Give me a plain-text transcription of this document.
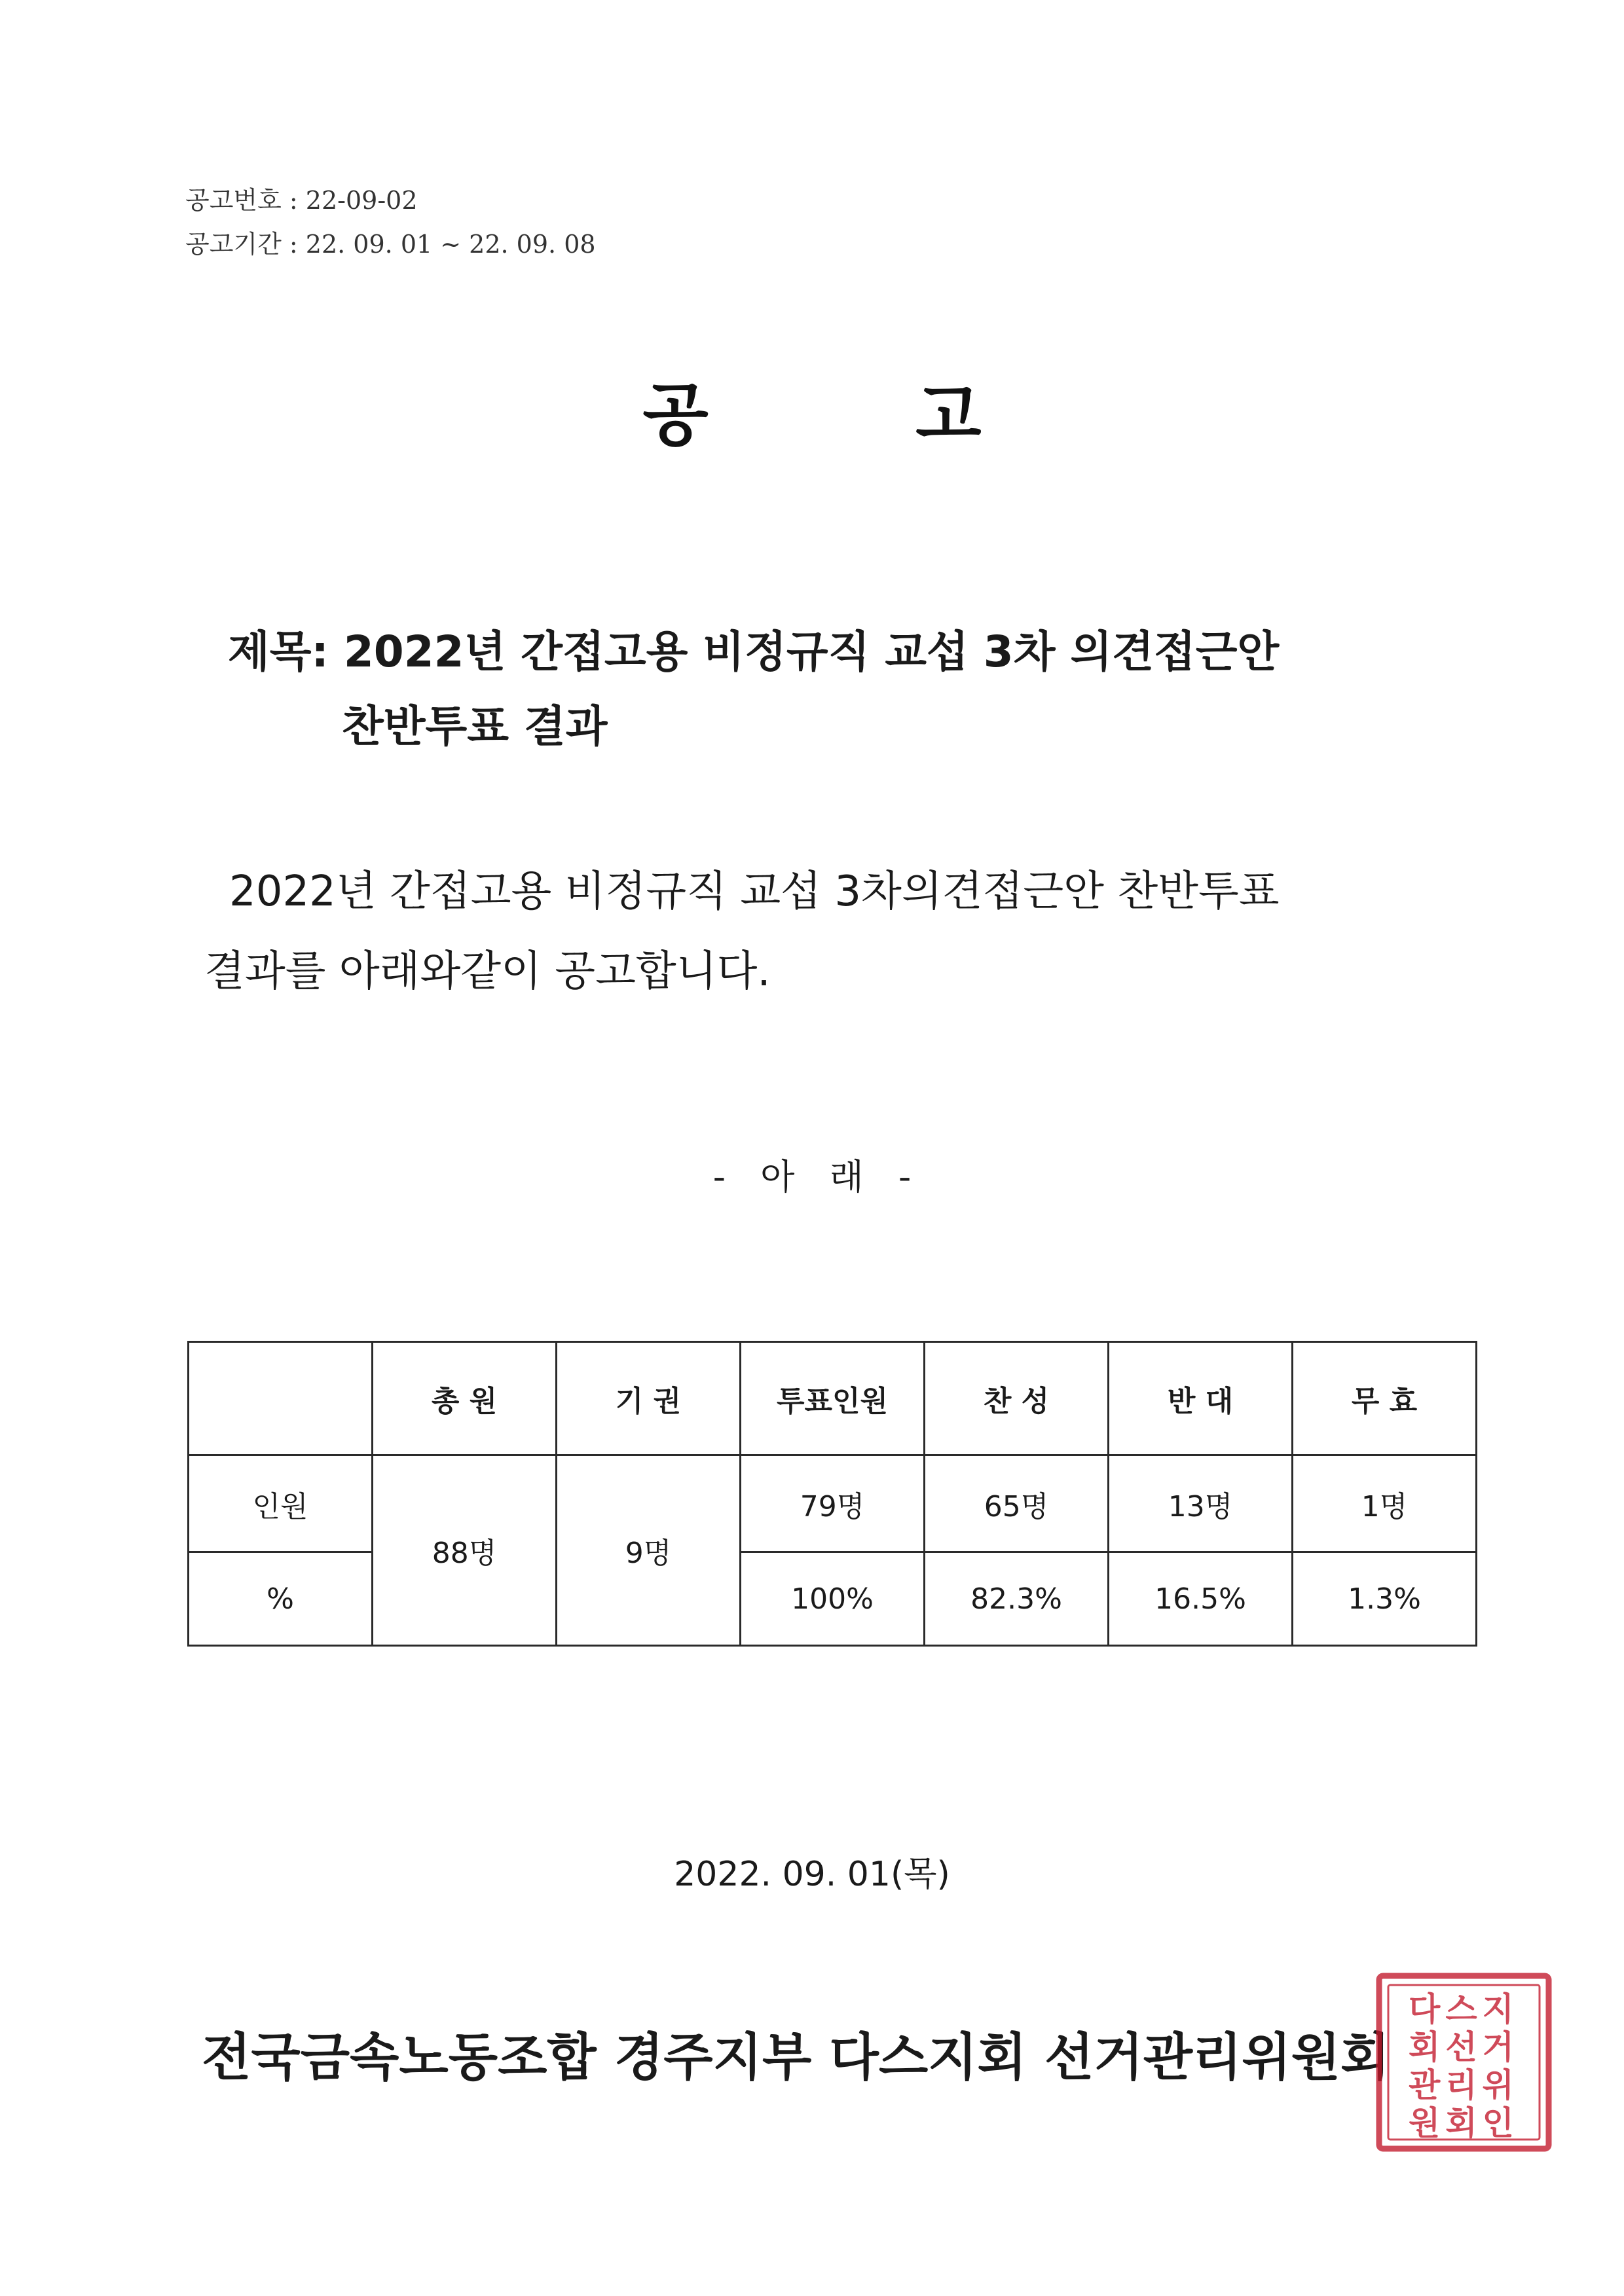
공고번호 : 22-09-02
공고기간 : 22. 09. 01 ~ 22. 09. 08
공 고
제목: 2022년 간접고용 비정규직 교섭 3차 의견접근안
찬반투표 결과
2022년 간접고용 비정규직 교섭 3차의견접근안 찬반투표
결과를 아래와같이 공고합니다.
- 아 래 -
	총 원	기 권	투표인원	찬 성	반 대	무 효
인원	88명	9명	79명	65명	13명	1명
%			100%	82.3%	16.5%	1.3%
2022. 09. 01(목)
전국금속노동조합 경주지부 다스지회 선거관리위원회
다스지
회선거
관리위
원회인
